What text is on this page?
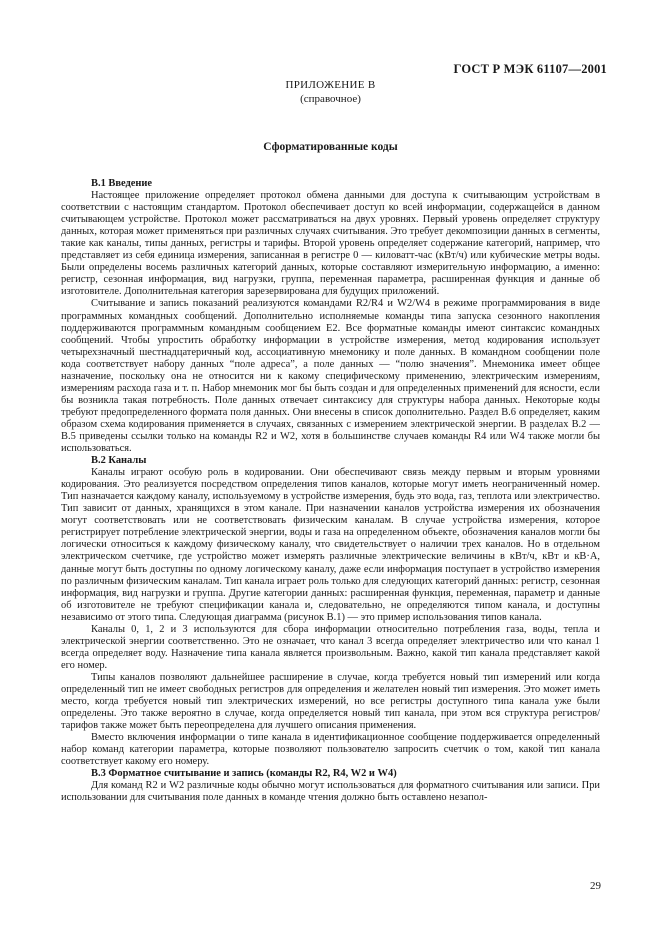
ГОСТ Р МЭК 61107—2001
ПРИЛОЖЕНИЕ В
(справочное)
Сформатированные коды
В.1 Введение

Настоящее приложение определяет протокол обмена данными для доступа к считывающим устройствам в соответствии с настоящим стандартом. Протокол обеспечивает доступ ко всей информации, содержащейся в данном считывающем устройстве. Протокол может рассматриваться на двух уровнях. Первый уровень определяет структуру данных, которая может применяться при различных случаях считывания. Это требует декомпозиции данных в сегменты, такие как каналы, типы данных, регистры и тарифы. Второй уровень определяет содержание категорий, например, что представляет из себя единица измерения, записанная в регистре 0 — киловатт-час (кВт/ч) или кубические метры воды. Были определены восемь различных категорий данных, которые составляют измерительную информацию, а именно: регистр, сезонная информация, вид нагрузки, группа, переменная параметра, расширенная функция и данные об изготовителе. Дополнительная категория зарезервирована для будущих приложений.

Считывание и запись показаний реализуются командами R2/R4 и W2/W4 в режиме программирования в виде программных командных сообщений. Дополнительно исполняемые команды типа запуска сезонного накопления поддерживаются программным командным сообщением E2. Все форматные команды имеют синтаксис командных сообщений. Чтобы упростить обработку информации в устройстве измерения, метод кодирования использует четырехзначный шестнадцатеричный код, ассоциативную мнемонику и поле данных. В командном сообщении поле кода соответствует набору данных “поле адреса”, а поле данных — “полю значения”. Мнемоника имеет общее назначение, поскольку она не относится ни к какому специфическому применению, электрическим измерениям, измерениям расхода газа и т. п. Набор мнемоник мог бы быть создан и для определенных применений для ясности, если бы возникла такая потребность. Поле данных отвечает синтаксису для структуры набора данных. Некоторые коды требуют предопределенного формата поля данных. Они внесены в список дополнительно. Раздел В.6 определяет, каким образом схема кодирования применяется в случаях, связанных с измерением электрической энергии. В разделах В.2 — В.5 приведены ссылки только на команды R2 и W2, хотя в большинстве случаев команды R4 или W4 также могли бы использоваться.

В.2 Каналы

Каналы играют особую роль в кодировании. Они обеспечивают связь между первым и вторым уровнями кодирования. Это реализуется посредством определения типов каналов, которые могут иметь неограниченный номер. Тип назначается каждому каналу, используемому в устройстве измерения, будь это вода, газ, теплота или электричество. Тип зависит от данных, хранящихся в этом канале. При назначении каналов устройства измерения их обозначения могут соответствовать или не соответствовать физическим каналам. В случае устройства измерения, которое регистрирует потребление электрической энергии, воды и газа на определенном объекте, обозначения каналов могли бы логически относиться к каждому физическому каналу, что свидетельствует о наличии трех каналов. Но в отдельном электрическом счетчике, где устройство может измерять различные электрические величины в кВт/ч, кВт и кВ·А, данные могут быть доступны по одному логическому каналу, даже если информация поступает в устройство измерения по различным физическим каналам. Тип канала играет роль только для следующих категорий данных: регистр, сезонная информация, вид нагрузки и группа. Другие категории данных: расширенная функция, переменная, параметр и данные об изготовителе не требуют спецификации канала и, следовательно, не определяются типом канала, и доступны независимо от этого типа. Следующая диаграмма (рисунок В.1) — это пример использования типов канала.

Каналы 0, 1, 2 и 3 используются для сбора информации относительно потребления газа, воды, тепла и электрической энергии соответственно. Это не означает, что канал 3 всегда определяет электричество или что канал 1 всегда определяет воду. Назначение типа канала является произвольным. Важно, какой тип канала представляет какой его номер.

Типы каналов позволяют дальнейшее расширение в случае, когда требуется новый тип измерений или когда определенный тип не имеет свободных регистров для определения и желателен новый тип измерения. Это может иметь место, когда требуется новый тип электрических измерений, но все регистры доступного типа канала уже были определены. Это также вероятно в случае, когда определяется новый тип канала, при этом вся структура регистров/тарифов также может быть переопределена для лучшего описания применения.

Вместо включения информации о типе канала в идентификационное сообщение поддерживается определенный набор команд категории параметра, которые позволяют пользователю запросить счетчик о том, какой тип канала соответствует какому его номеру.

В.3 Форматное считывание и запись (команды R2, R4, W2 и W4)

Для команд R2 и W2 различные коды обычно могут использоваться для форматного считывания или записи. При использовании для считывания поле данных в команде чтения должно быть оставлено незапол-

29
